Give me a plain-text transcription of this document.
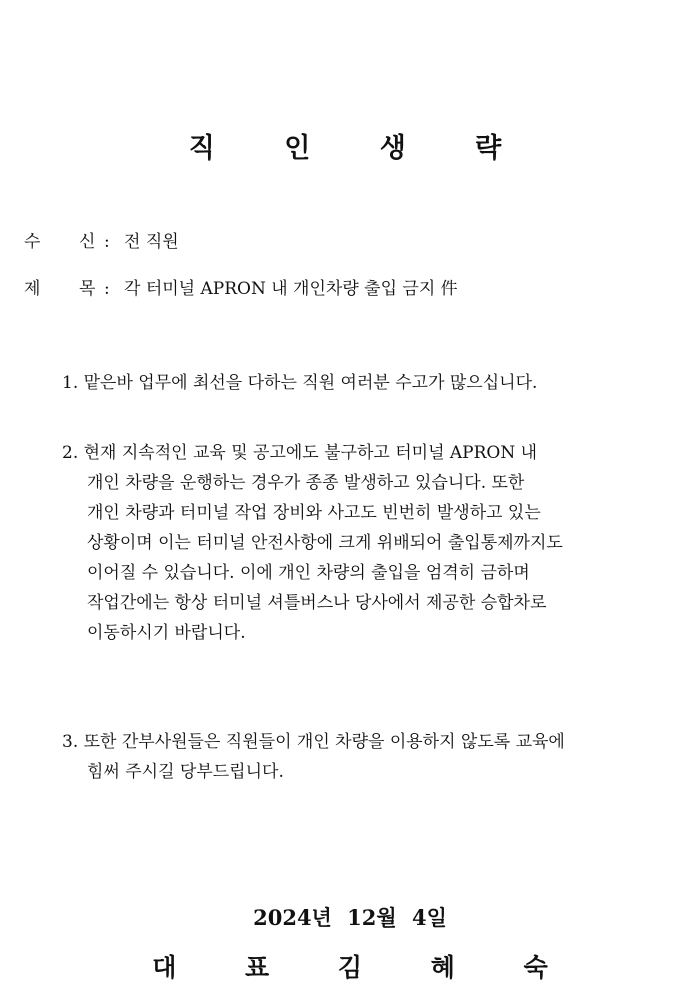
직 인 생 략
수 신 : 전 직원
제 목 : 각 터미널 APRON 내 개인차량 출입 금지 件
1. 맡은바 업무에 최선을 다하는 직원 여러분 수고가 많으십니다.
2. 현재 지속적인 교육 및 공고에도 불구하고 터미널 APRON 내
개인 차량을 운행하는 경우가 종종 발생하고 있습니다. 또한
개인 차량과 터미널 작업 장비와 사고도 빈번히 발생하고 있는
상황이며 이는 터미널 안전사항에 크게 위배되어 출입통제까지도
이어질 수 있습니다. 이에 개인 차량의 출입을 엄격히 금하며
작업간에는 항상 터미널 셔틀버스나 당사에서 제공한 승합차로
이동하시기 바랍니다.
3. 또한 간부사원들은 직원들이 개인 차량을 이용하지 않도록 교육에
힘써 주시길 당부드립니다.
2024년 12월 4일
대 표 김 혜 숙
